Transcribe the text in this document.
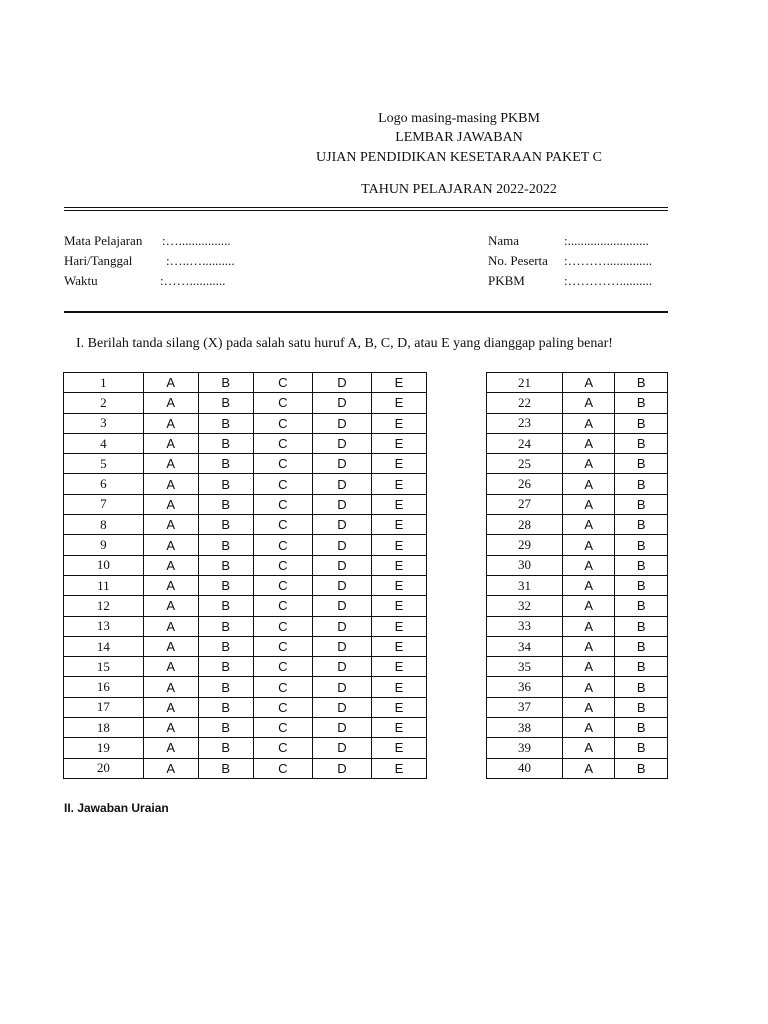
Logo masing-masing PKBM
LEMBAR JAWABAN
UJIAN PENDIDIKAN KESETARAAN PAKET C
TAHUN PELAJARAN 2022-2022
Mata Pelajaran :…................
Hari/Tanggal	:…..…..........
Waktu	:……...........
Nama	:.........................
No. Peserta :………..............
PKBM	:…………..........
I. Berilah tanda silang (X) pada salah satu huruf A, B, C, D, atau E yang dianggap paling benar!
1	A	B	C	D	E
2	A	B	C	D	E
3	A	B	C	D	E
4	A	B	C	D	E
5	A	B	C	D	E
6	A	B	C	D	E
7	A	B	C	D	E
8	A	B	C	D	E
9	A	B	C	D	E
10	A	B	C	D	E
11	A	B	C	D	E
12	A	B	C	D	E
13	A	B	C	D	E
14	A	B	C	D	E
15	A	B	C	D	E
16	A	B	C	D	E
17	A	B	C	D	E
18	A	B	C	D	E
19	A	B	C	D	E
20	A	B	C	D	E
21	A	B
22	A	B
23	A	B
24	A	B
25	A	B
26	A	B
27	A	B
28	A	B
29	A	B
30	A	B
31	A	B
32	A	B
33	A	B
34	A	B
35	A	B
36	A	B
37	A	B
38	A	B
39	A	B
40	A	B
II. Jawaban Uraian
